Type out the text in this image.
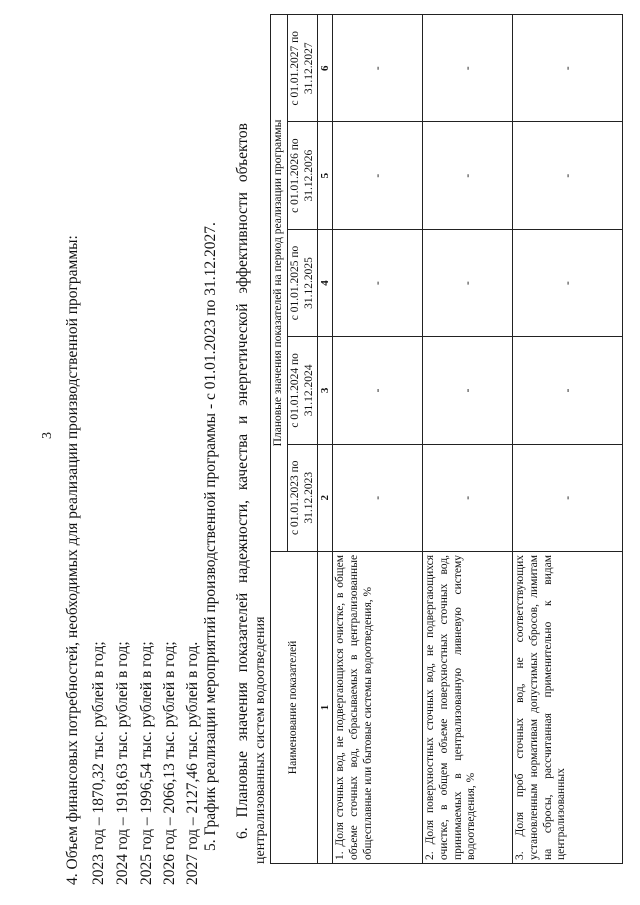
3 4. Объем финансовых потребностей, необходимых для реализации производственной программы: 2023 год – 1870,32 тыс. рублей в год; 2024 год – 1918,63 тыс. рублей в год; 2025 год – 1996,54 тыс. рублей в год; 2026 год – 2066,13 тыс. рублей в год; 2027 год – 2127,46 тыс. рублей в год. 5. График реализации мероприятий производственной программы - с 01.01.2023 по 31.12.2027. 6. Плановые значения показателей надежности, качества и энергетической эффективности объектов централизованных систем водоотведения Наименование показателей	Плановые значения показателей на период реализации программы				
	с 01.01.2023 по 31.12.2023	с 01.01.2024 по 31.12.2024	с 01.01.2025 по 31.12.2025	с 01.01.2026 по 31.12.2026	с 01.01.2027 по 31.12.2027
1	2	3	4	5	6
1. Доля сточных вод, не подвергающихся очистке, в общем объеме сточных вод, сбрасываемых в централизованные общесплавные или бытовые системы водоотведения, %	-	-	-	-	-
2. Доля поверхностных сточных вод, не подвергающихся очистке, в общем объеме поверхностных сточных вод, принимаемых в централизованную ливневую систему водоотведения, %	-	-	-	-	-
3. Доля проб сточных вод, не соответствующих установленным нормативам допустимых сбросов, лимитам на сбросы, рассчитанная применительно к видам централизованных	-	-	-	-	-
